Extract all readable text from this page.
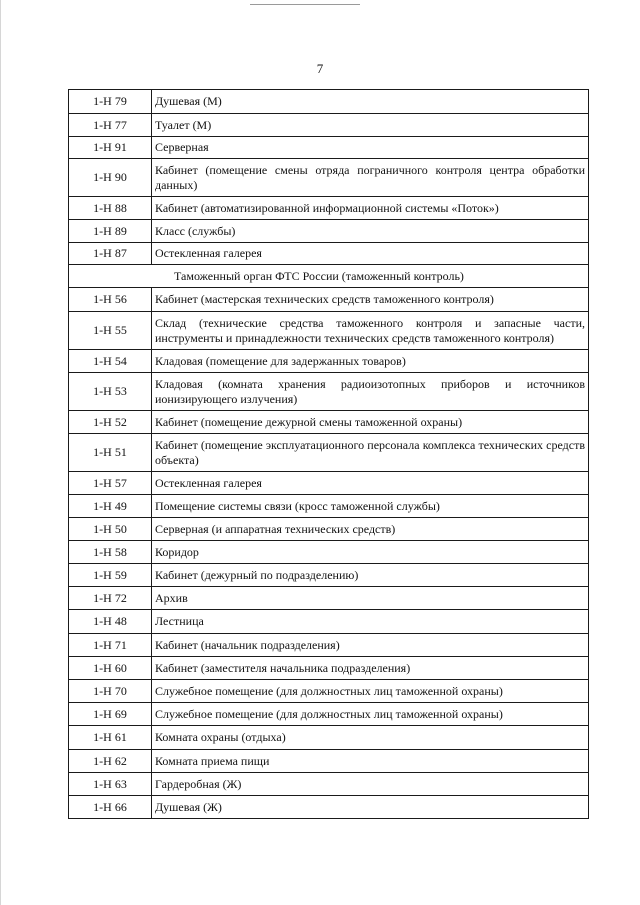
7
1-Н 79	Душевая (М)
1-Н 77	Туалет (М)
1-Н 91	Серверная
1-Н 90	Кабинет (помещение смены отряда пограничного контроля центра обработки данных)
1-Н 88	Кабинет (автоматизированной информационной системы «Поток»)
1-Н 89	Класс (службы)
1-Н 87	Остекленная галерея
Таможенный орган ФТС России (таможенный контроль)	
1-Н 56	Кабинет (мастерская технических средств таможенного контроля)
1-Н 55	Склад (технические средства таможенного контроля и запасные части, инструменты и принадлежности технических средств таможенного контроля)
1-Н 54	Кладовая (помещение для задержанных товаров)
1-Н 53	Кладовая (комната хранения радиоизотопных приборов и источников ионизирующего излучения)
1-Н 52	Кабинет (помещение дежурной смены таможенной охраны)
1-Н 51	Кабинет (помещение эксплуатационного персонала комплекса технических средств объекта)
1-Н 57	Остекленная галерея
1-Н 49	Помещение системы связи (кросс таможенной службы)
1-Н 50	Серверная (и аппаратная технических средств)
1-Н 58	Коридор
1-Н 59	Кабинет (дежурный по подразделению)
1-Н 72	Архив
1-Н 48	Лестница
1-Н 71	Кабинет (начальник подразделения)
1-Н 60	Кабинет (заместителя начальника подразделения)
1-Н 70	Служебное помещение (для должностных лиц таможенной охраны)
1-Н 69	Служебное помещение (для должностных лиц таможенной охраны)
1-Н 61	Комната охраны (отдыха)
1-Н 62	Комната приема пищи
1-Н 63	Гардеробная (Ж)
1-Н 66	Душевая (Ж)
